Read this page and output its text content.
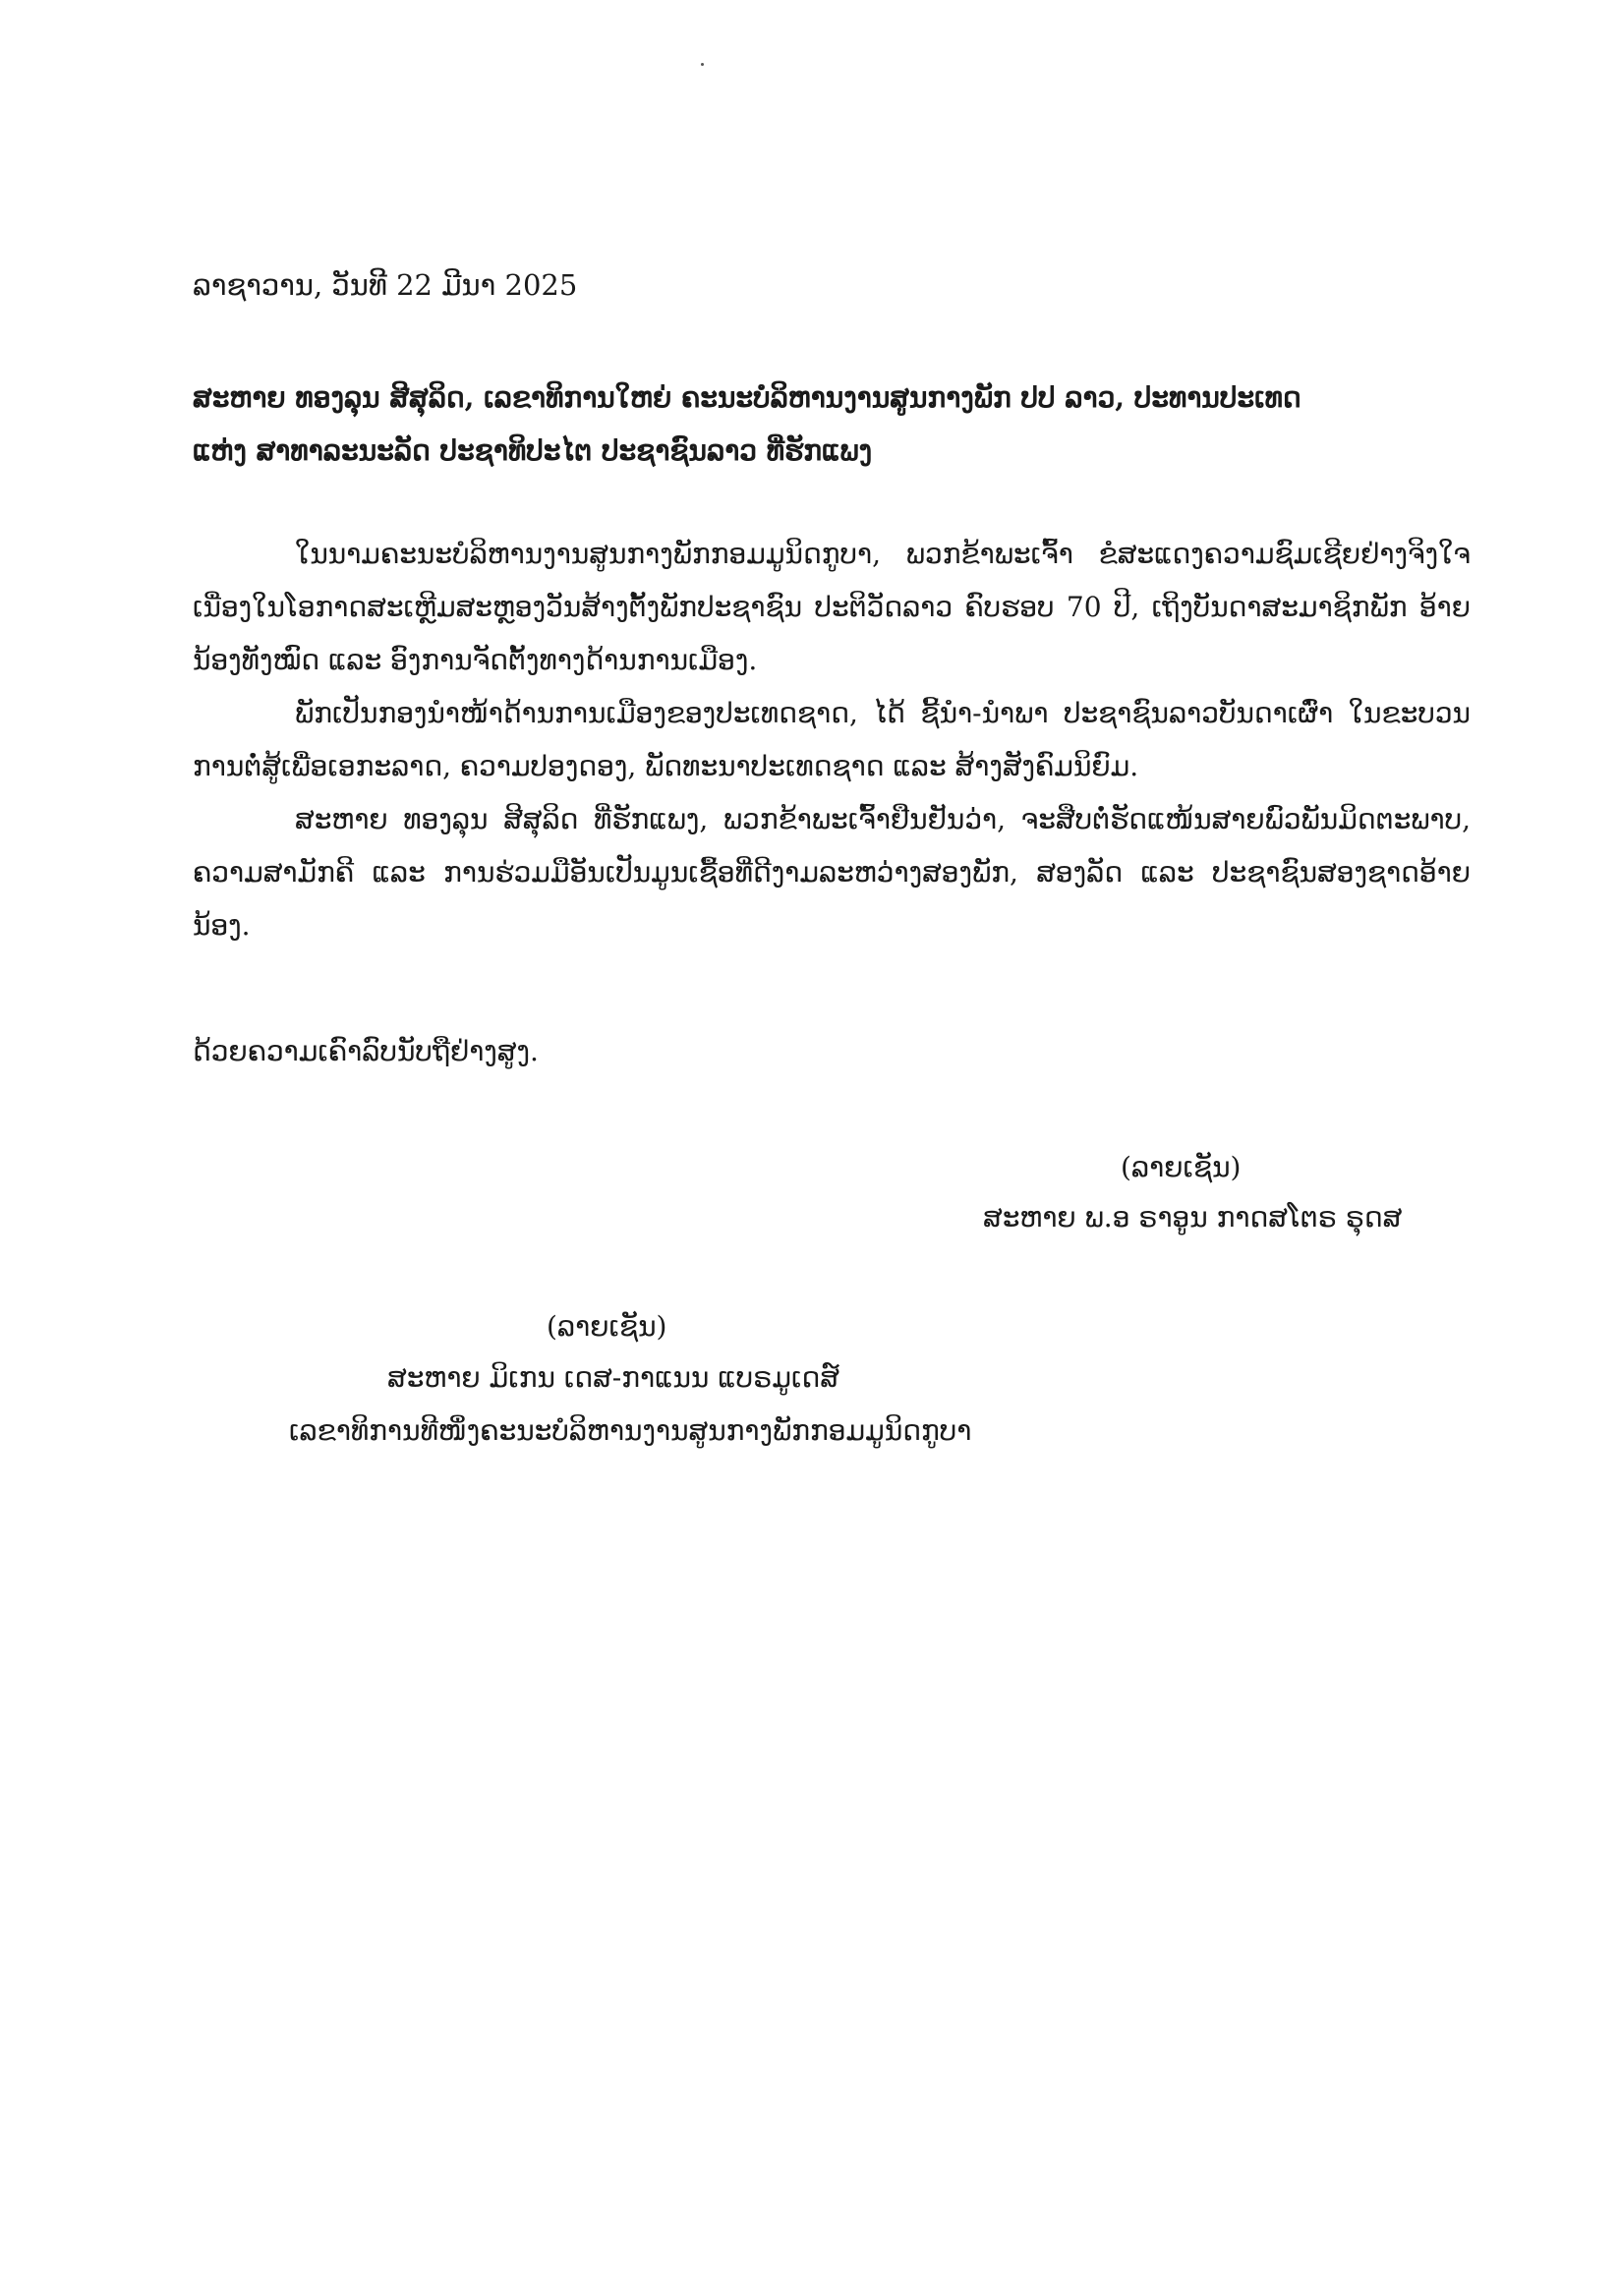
ລາຊາວານ, ວັນທີ 22 ມີນາ 2025
ສະຫາຍ ທອງລຸນ ສີສຸລິດ, ເລຂາທິການໃຫຍ່ ຄະນະບໍລິຫານງານສູນກາງພັກ ປປ ລາວ, ປະທານປະເທດ
ແຫ່ງ ສາທາລະນະລັດ ປະຊາທິປະໄຕ ປະຊາຊົນລາວ ທີ່ຮັກແພງ

ໃນນາມຄະນະບໍລິຫານງານສູນກາງພັກກອມມູນິດກູບາ, ພວກຂ້າພະເຈົ້າ ຂໍສະແດງຄວາມຊົມເຊີຍຢ່າງຈິງໃຈ ເນື່ອງໃນໂອກາດສະເຫຼີມສະຫຼອງວັນສ້າງຕັ້ງພັກປະຊາຊົນ ປະຕິວັດລາວ ຄົບຮອບ 70 ປີ, ເຖິງບັນດາສະມາຊິກພັກ ອ້າຍນ້ອງທັງໝົດ ແລະ ອົງການຈັດຕັ້ງທາງດ້ານການເມືອງ.

ພັກເປັນກອງນໍາໜ້າດ້ານການເມືອງຂອງປະເທດຊາດ, ໄດ້ ຊີ້ນໍາ-ນໍາພາ ປະຊາຊົນລາວບັນດາເຜົ່າ ໃນຂະບວນ ການຕໍ່ສູ້ເພື່ອເອກະລາດ, ຄວາມປອງດອງ, ພັດທະນາປະເທດຊາດ ແລະ ສ້າງສັງຄົມນິຍົມ.

ສະຫາຍ ທອງລຸນ ສີສຸລິດ ທີ່ຮັກແພງ, ພວກຂ້າພະເຈົ້າຢືນຢັນວ່າ, ຈະສືບຕໍ່ຮັດແໜ້ນສາຍພົວພັນມິດຕະພາບ, ຄວາມສາມັກຄີ ແລະ ການຮ່ວມມືອັນເປັນມູນເຊື້ອທີ່ດີງາມລະຫວ່າງສອງພັກ, ສອງລັດ ແລະ ປະຊາຊົນສອງຊາດອ້າຍ ນ້ອງ.

ດ້ວຍຄວາມເຄົາລົບນັບຖືຢ່າງສູງ.
(ລາຍເຊັນ)
ສະຫາຍ ພ.ອ ຣາອູນ ກາດສໂຕຣ ຣຸດສ
(ລາຍເຊັນ)
ສະຫາຍ ມິເກນ ເດສ-ກາແນນ ແບຣມູເດສ໌
ເລຂາທິການທີໜຶ່ງຄະນະບໍລິຫານງານສູນກາງພັກກອມມູນິດກູບາ
